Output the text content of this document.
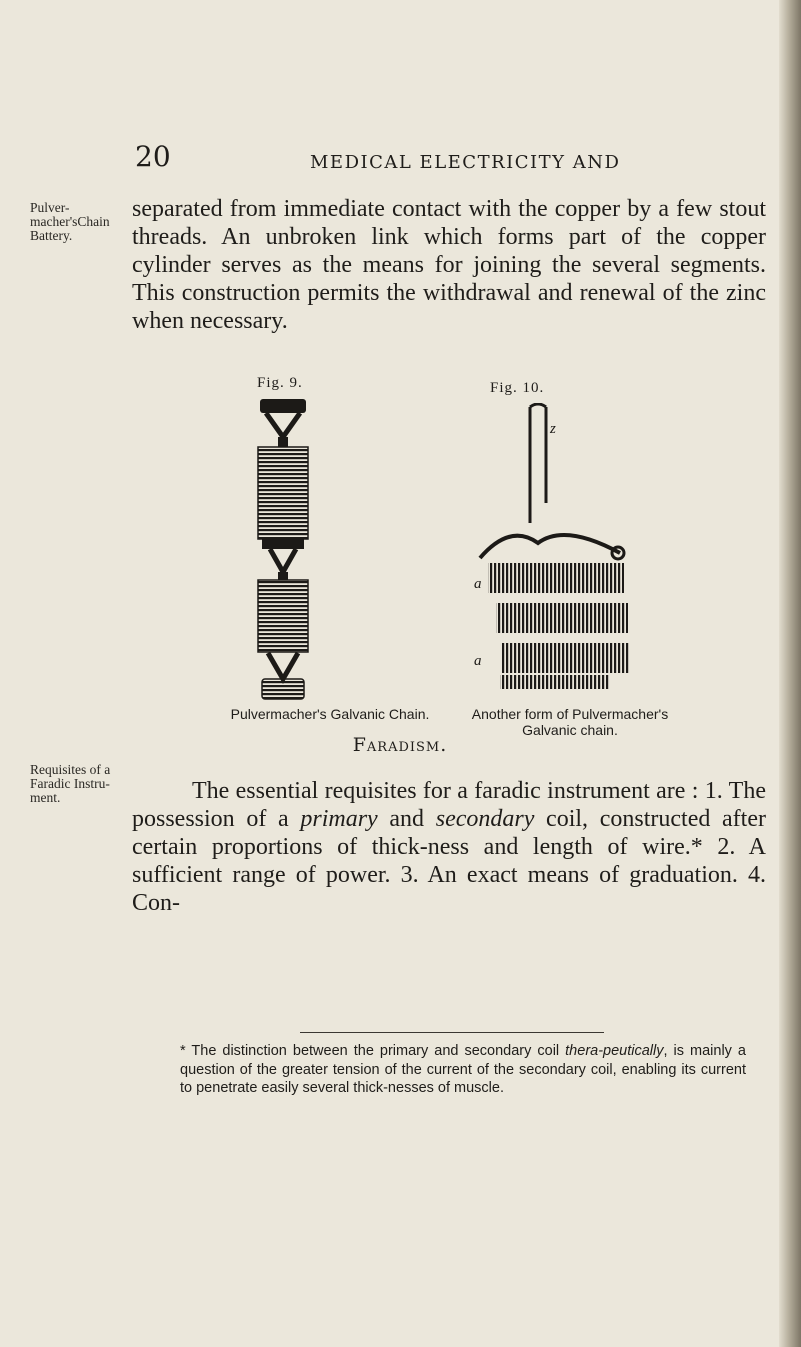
20	MEDICAL ELECTRICITY AND
Pulver-macher'sChain Battery.
separated from immediate contact with the copper by a few stout threads. An unbroken link which forms part of the copper cylinder serves as the means for joining the several segments. This construction permits the withdrawal and renewal of the zinc when necessary.
Fig. 9.	Fig. 10.
z
a
a
Pulvermacher's Galvanic Chain.	Another form of Pulvermacher's Galvanic chain.
Faradism.
Requisites of a Faradic Instru-ment.	The essential requisites for a faradic instrument are : 1. The possession of a primary and secondary coil, constructed after certain proportions of thick-ness and length of wire.* 2. A sufficient range of power. 3. An exact means of graduation. 4. Con-
* The distinction between the primary and secondary coil thera-peutically, is mainly a question of the greater tension of the current of the secondary coil, enabling its current to penetrate easily several thick-nesses of muscle.
